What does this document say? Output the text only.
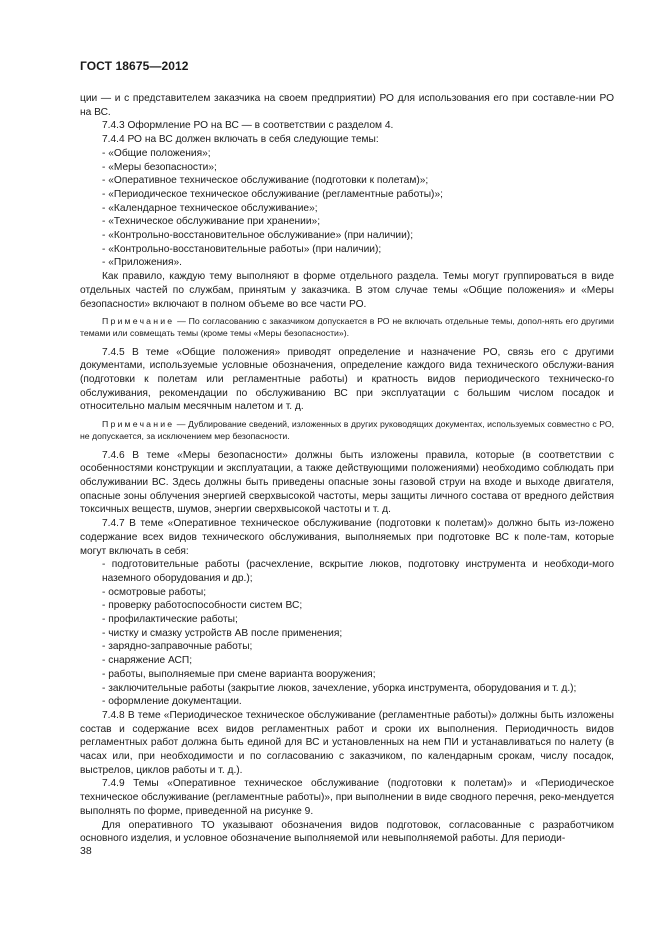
ГОСТ 18675—2012

ции — и с представителем заказчика на своем предприятии) РО для использования его при составле-нии РО на ВС.

7.4.3 Оформление РО на ВС — в соответствии с разделом 4.

7.4.4 РО на ВС должен включать в себя следующие темы:

- «Общие положения»;

- «Меры безопасности»;

- «Оперативное техническое обслуживание (подготовки к полетам)»;

- «Периодическое техническое обслуживание (регламентные работы)»;

- «Календарное техническое обслуживание»;

- «Техническое обслуживание при хранении»;

- «Контрольно-восстановительное обслуживание» (при наличии);

- «Контрольно-восстановительные работы» (при наличии);

- «Приложения».

Как правило, каждую тему выполняют в форме отдельного раздела. Темы могут группироваться в виде отдельных частей по службам, принятым у заказчика. В этом случае темы «Общие положения» и «Меры безопасности» включают в полном объеме во все части РО.

Примечание — По согласованию с заказчиком допускается в РО не включать отдельные темы, допол-нять его другими темами или совмещать темы (кроме темы «Меры безопасности»).

7.4.5 В теме «Общие положения» приводят определение и назначение РО, связь его с другими документами, используемые условные обозначения, определение каждого вида технического обслужи-вания (подготовки к полетам или регламентные работы) и кратность видов периодического техническо-го обслуживания, рекомендации по обслуживанию ВС при эксплуатации с большим числом посадок и относительно малым месячным налетом и т. д.

Примечание — Дублирование сведений, изложенных в других руководящих документах, используемых совместно с РО, не допускается, за исключением мер безопасности.

7.4.6 В теме «Меры безопасности» должны быть изложены правила, которые (в соответствии с особенностями конструкции и эксплуатации, а также действующими положениями) необходимо соблюдать при обслуживании ВС. Здесь должны быть приведены опасные зоны газовой струи на входе и выходе двигателя, опасные зоны облучения энергией сверхвысокой частоты, меры защиты личного состава от вредного действия токсичных веществ, шумов, энергии сверхвысокой частоты и т. д.

7.4.7 В теме «Оперативное техническое обслуживание (подготовки к полетам)» должно быть из-ложено содержание всех видов технического обслуживания, выполняемых при подготовке ВС к поле-там, которые могут включать в себя:

- подготовительные работы (расчехление, вскрытие люков, подготовку инструмента и необходи-мого наземного оборудования и др.);

- осмотровые работы;

- проверку работоспособности систем ВС;

- профилактические работы;

- чистку и смазку устройств АВ после применения;

- зарядно-заправочные работы;

- снаряжение АСП;

- работы, выполняемые при смене варианта вооружения;

- заключительные работы (закрытие люков, зачехление, уборка инструмента, оборудования и т. д.);

- оформление документации.

7.4.8 В теме «Периодическое техническое обслуживание (регламентные работы)» должны быть изложены состав и содержание всех видов регламентных работ и сроки их выполнения. Периодичность видов регламентных работ должна быть единой для ВС и установленных на нем ПИ и устанавливаться по налету (в часах или, при необходимости и по согласованию с заказчиком, по календарным срокам, числу посадок, выстрелов, циклов работы и т. д.).

7.4.9 Темы «Оперативное техническое обслуживание (подготовки к полетам)» и «Периодическое техническое обслуживание (регламентные работы)», при выполнении в виде сводного перечня, реко-мендуется выполнять по форме, приведенной на рисунке 9.

Для оперативного ТО указывают обозначения видов подготовок, согласованные с разработчиком основного изделия, и условное обозначение выполняемой или невыполняемой работы. Для периоди-

38
